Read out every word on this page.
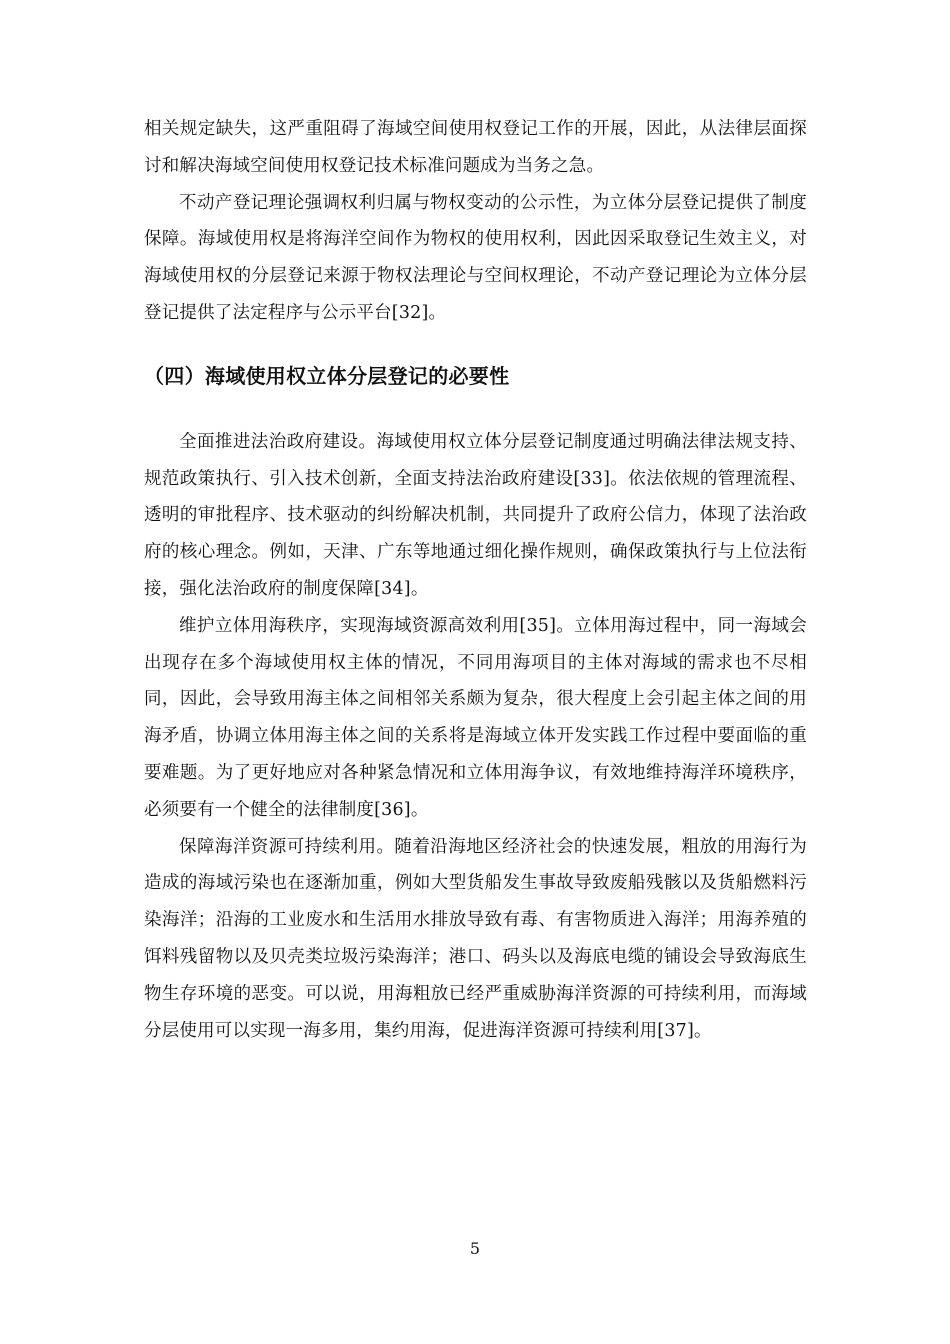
相关规定缺失，这严重阻碍了海域空间使用权登记工作的开展，因此，从法律层面探讨和解决海域空间使用权登记技术标准问题成为当务之急。

不动产登记理论强调权利归属与物权变动的公示性，为立体分层登记提供了制度保障。海域使用权是将海洋空间作为物权的使用权利，因此因采取登记生效主义，对海域使用权的分层登记来源于物权法理论与空间权理论，不动产登记理论为立体分层登记提供了法定程序与公示平台[32]。

（四）海域使用权立体分层登记的必要性

全面推进法治政府建设。海域使用权立体分层登记制度通过明确法律法规支持、规范政策执行、引入技术创新，全面支持法治政府建设[33]。依法依规的管理流程、透明的审批程序、技术驱动的纠纷解决机制，共同提升了政府公信力，体现了法治政府的核心理念。例如，天津、广东等地通过细化操作规则，确保政策执行与上位法衔接，强化法治政府的制度保障[34]。

维护立体用海秩序，实现海域资源高效利用[35]。立体用海过程中，同一海域会出现存在多个海域使用权主体的情况，不同用海项目的主体对海域的需求也不尽相同，因此，会导致用海主体之间相邻关系颇为复杂，很大程度上会引起主体之间的用海矛盾，协调立体用海主体之间的关系将是海域立体开发实践工作过程中要面临的重要难题。为了更好地应对各种紧急情况和立体用海争议，有效地维持海洋环境秩序，必须要有一个健全的法律制度[36]。

保障海洋资源可持续利用。随着沿海地区经济社会的快速发展，粗放的用海行为造成的海域污染也在逐渐加重，例如大型货船发生事故导致废船残骸以及货船燃料污染海洋；沿海的工业废水和生活用水排放导致有毒、有害物质进入海洋；用海养殖的饵料残留物以及贝壳类垃圾污染海洋；港口、码头以及海底电缆的铺设会导致海底生物生存环境的恶变。可以说，用海粗放已经严重威胁海洋资源的可持续利用，而海域分层使用可以实现一海多用，集约用海，促进海洋资源可持续利用[37]。

5
